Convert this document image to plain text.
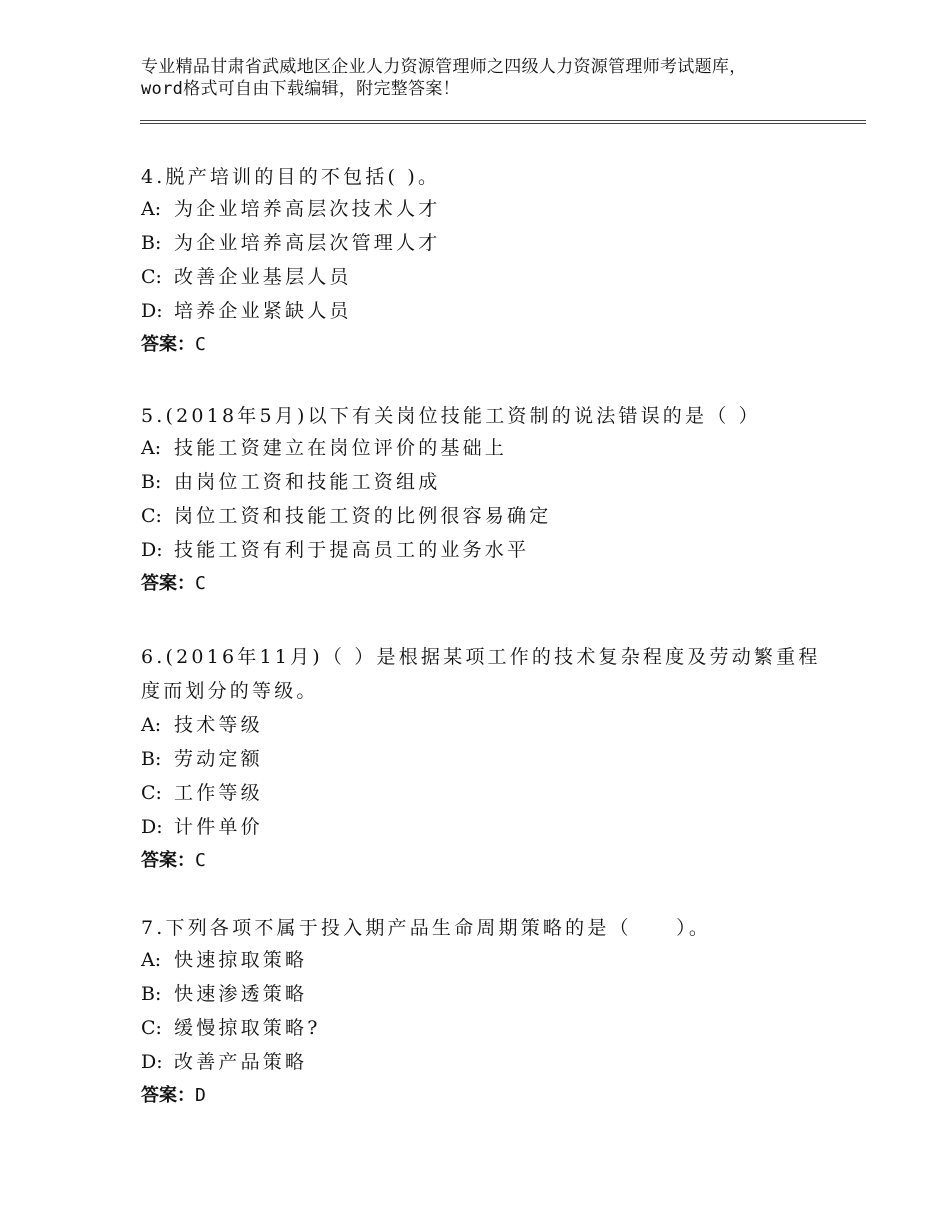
专业精品甘肃省武威地区企业人力资源管理师之四级人力资源管理师考试题库，word格式可自由下载编辑，附完整答案！

4.脱产培训的目的不包括( )。

A: 为企业培养高层次技术人才

B: 为企业培养高层次管理人才

C: 改善企业基层人员

D: 培养企业紧缺人员

答案：C

5.(2018年5月)以下有关岗位技能工资制的说法错误的是（ ）

A: 技能工资建立在岗位评价的基础上

B: 由岗位工资和技能工资组成

C: 岗位工资和技能工资的比例很容易确定

D: 技能工资有利于提高员工的业务水平

答案：C

6.(2016年11月)（ ）是根据某项工作的技术复杂程度及劳动繁重程度而划分的等级。

A: 技术等级

B: 劳动定额

C: 工作等级

D: 计件单价

答案：C

7.下列各项不属于投入期产品生命周期策略的是（　　）。

A: 快速掠取策略

B: 快速渗透策略

C: 缓慢掠取策略?

D: 改善产品策略

答案：D
